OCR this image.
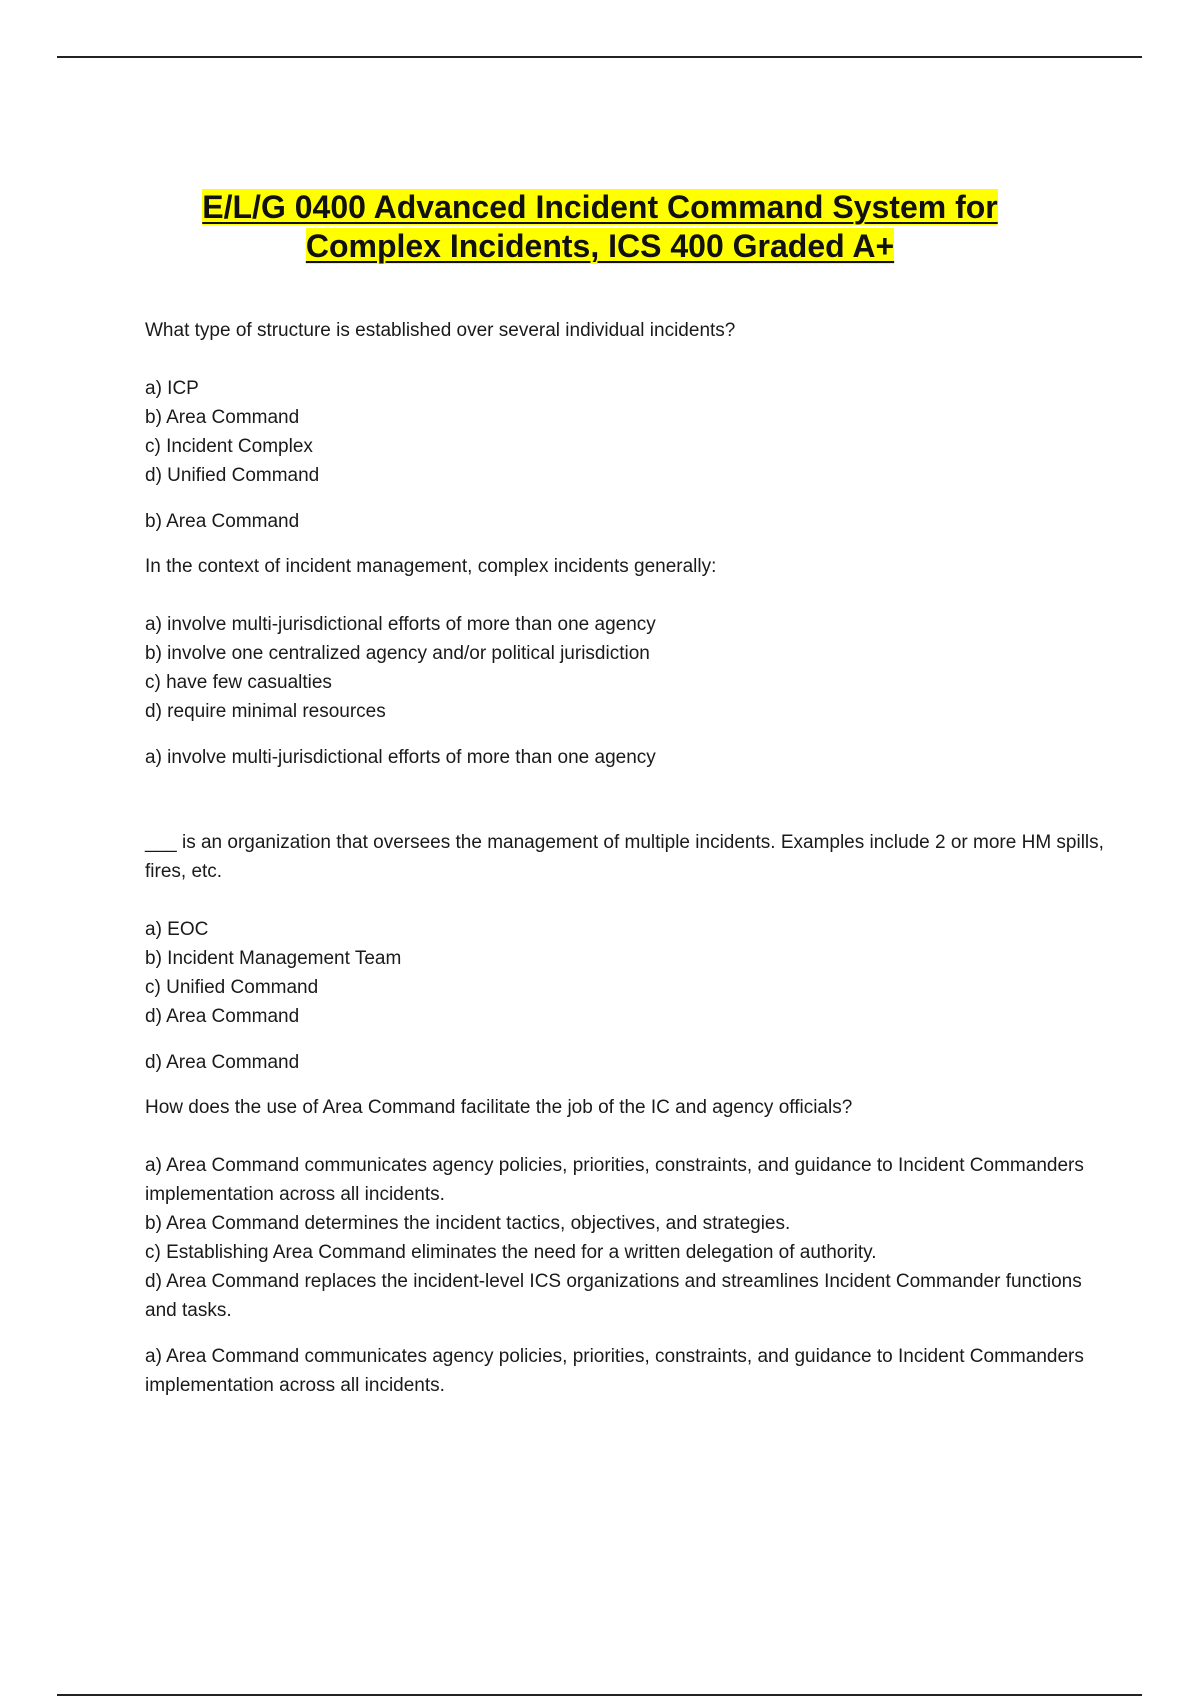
E/L/G 0400 Advanced Incident Command System for
Complex Incidents, ICS 400 Graded A+

What type of structure is established over several individual incidents?

a) ICP

b) Area Command

c) Incident Complex

d) Unified Command

b) Area Command

In the context of incident management, complex incidents generally:

a) involve multi-jurisdictional efforts of more than one agency

b) involve one centralized agency and/or political jurisdiction

c) have few casualties

d) require minimal resources

a) involve multi-jurisdictional efforts of more than one agency

___ is an organization that oversees the management of multiple incidents. Examples include 2 or more HM spills, fires, etc.

a) EOC

b) Incident Management Team

c) Unified Command

d) Area Command

d) Area Command

How does the use of Area Command facilitate the job of the IC and agency officials?

a) Area Command communicates agency policies, priorities, constraints, and guidance to Incident Commanders implementation across all incidents.

b) Area Command determines the incident tactics, objectives, and strategies.

c) Establishing Area Command eliminates the need for a written delegation of authority.

d) Area Command replaces the incident-level ICS organizations and streamlines Incident Commander functions and tasks.

a) Area Command communicates agency policies, priorities, constraints, and guidance to Incident Commanders implementation across all incidents.
